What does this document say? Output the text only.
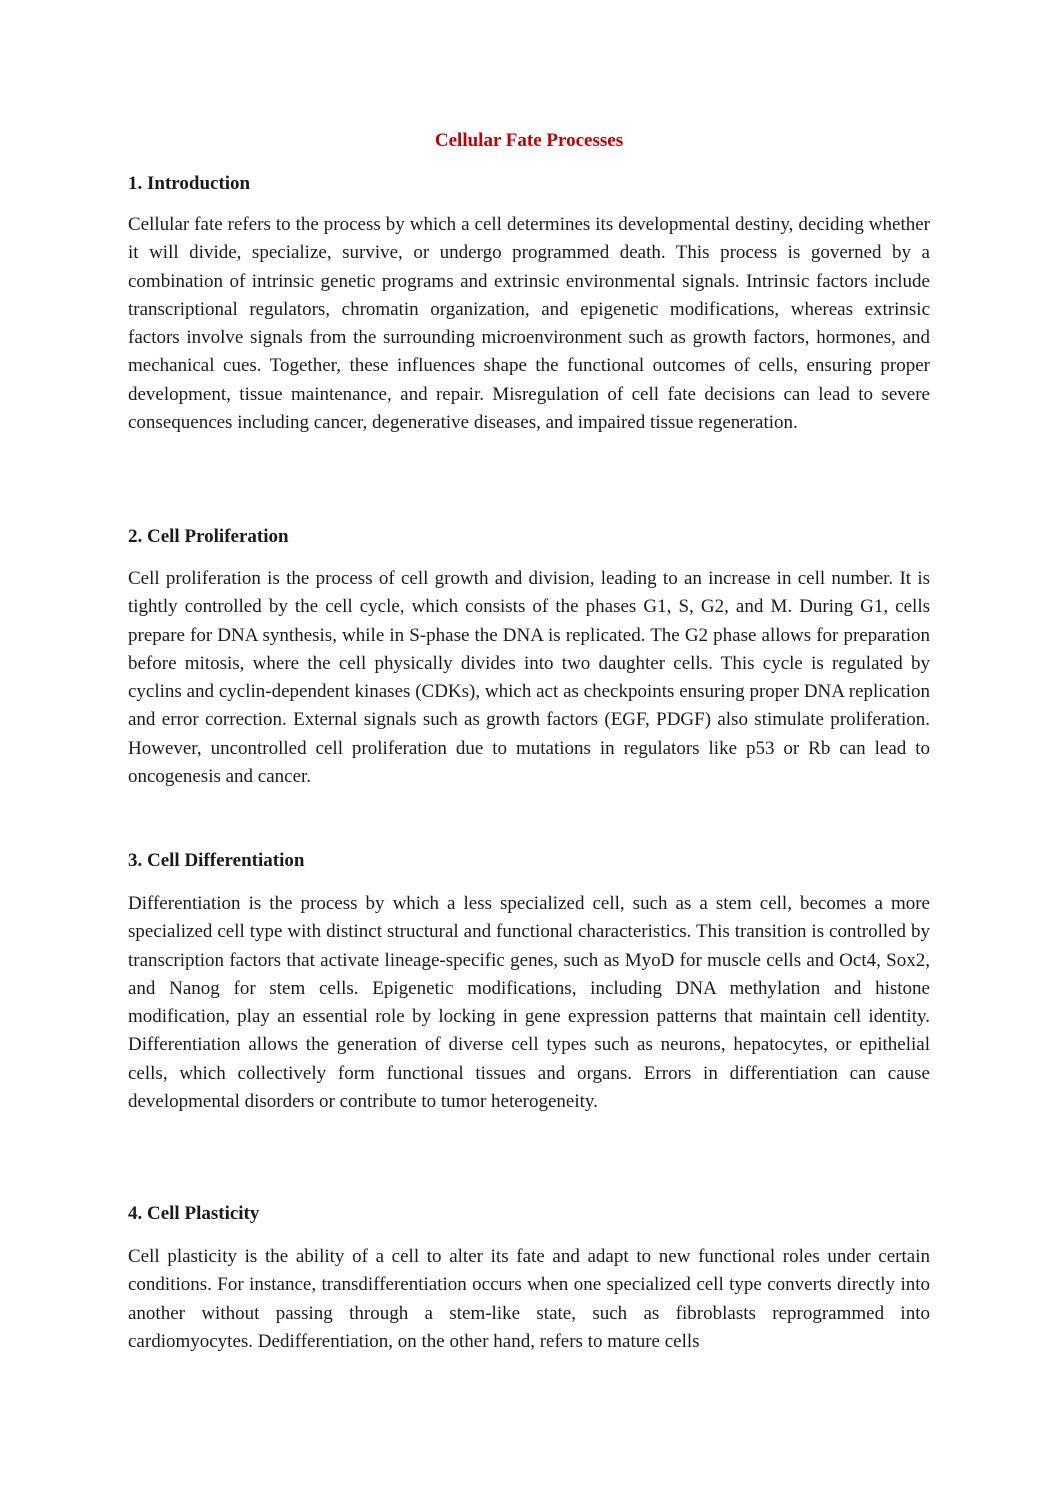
Cellular Fate Processes
1. Introduction

Cellular fate refers to the process by which a cell determines its developmental destiny, deciding whether it will divide, specialize, survive, or undergo programmed death. This process is governed by a combination of intrinsic genetic programs and extrinsic environmental signals. Intrinsic factors include transcriptional regulators, chromatin organization, and epigenetic modifications, whereas extrinsic factors involve signals from the surrounding microenvironment such as growth factors, hormones, and mechanical cues. Together, these influences shape the functional outcomes of cells, ensuring proper development, tissue maintenance, and repair. Misregulation of cell fate decisions can lead to severe consequences including cancer, degenerative diseases, and impaired tissue regeneration.

2. Cell Proliferation

Cell proliferation is the process of cell growth and division, leading to an increase in cell number. It is tightly controlled by the cell cycle, which consists of the phases G1, S, G2, and M. During G1, cells prepare for DNA synthesis, while in S-phase the DNA is replicated. The G2 phase allows for preparation before mitosis, where the cell physically divides into two daughter cells. This cycle is regulated by cyclins and cyclin-dependent kinases (CDKs), which act as checkpoints ensuring proper DNA replication and error correction. External signals such as growth factors (EGF, PDGF) also stimulate proliferation. However, uncontrolled cell proliferation due to mutations in regulators like p53 or Rb can lead to oncogenesis and cancer.

3. Cell Differentiation

Differentiation is the process by which a less specialized cell, such as a stem cell, becomes a more specialized cell type with distinct structural and functional characteristics. This transition is controlled by transcription factors that activate lineage-specific genes, such as MyoD for muscle cells and Oct4, Sox2, and Nanog for stem cells. Epigenetic modifications, including DNA methylation and histone modification, play an essential role by locking in gene expression patterns that maintain cell identity. Differentiation allows the generation of diverse cell types such as neurons, hepatocytes, or epithelial cells, which collectively form functional tissues and organs. Errors in differentiation can cause developmental disorders or contribute to tumor heterogeneity.

4. Cell Plasticity

Cell plasticity is the ability of a cell to alter its fate and adapt to new functional roles under certain conditions. For instance, transdifferentiation occurs when one specialized cell type converts directly into another without passing through a stem-like state, such as fibroblasts reprogrammed into cardiomyocytes. Dedifferentiation, on the other hand, refers to mature cells
